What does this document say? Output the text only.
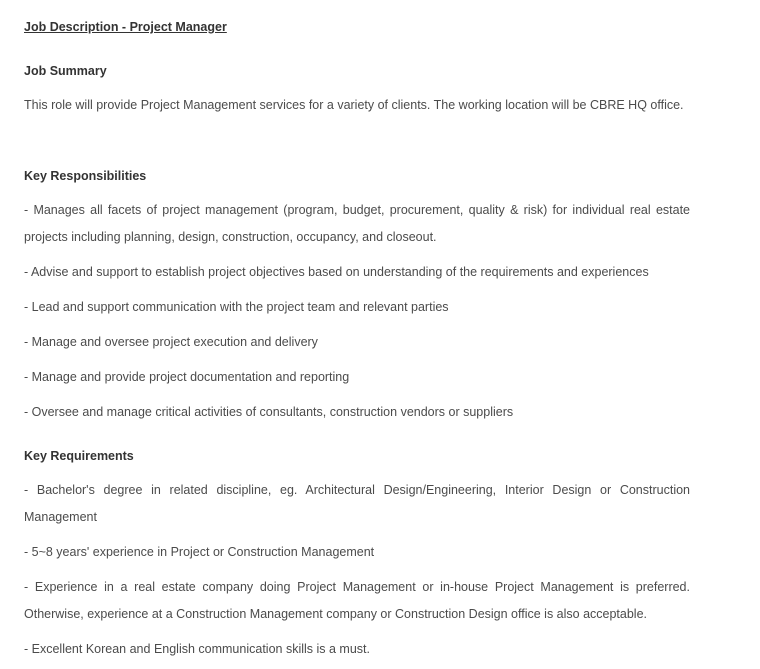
Job Description - Project Manager
Job Summary
This role will provide Project Management services for a variety of clients. The working location will be CBRE HQ office.
Key Responsibilities
- Manages all facets of project management (program, budget, procurement, quality & risk) for individual real estate projects including planning, design, construction, occupancy, and closeout.
- Advise and support to establish project objectives based on understanding of the requirements and experiences
- Lead and support communication with the project team and relevant parties
- Manage and oversee project execution and delivery
- Manage and provide project documentation and reporting
- Oversee and manage critical activities of consultants, construction vendors or suppliers
Key Requirements
- Bachelor's degree in related discipline, eg. Architectural Design/Engineering, Interior Design or Construction Management
- 5~8 years' experience in Project or Construction Management
- Experience in a real estate company doing Project Management or in-house Project Management is preferred. Otherwise, experience at a Construction Management company or Construction Design office is also acceptable.
- Excellent Korean and English communication skills is a must.
